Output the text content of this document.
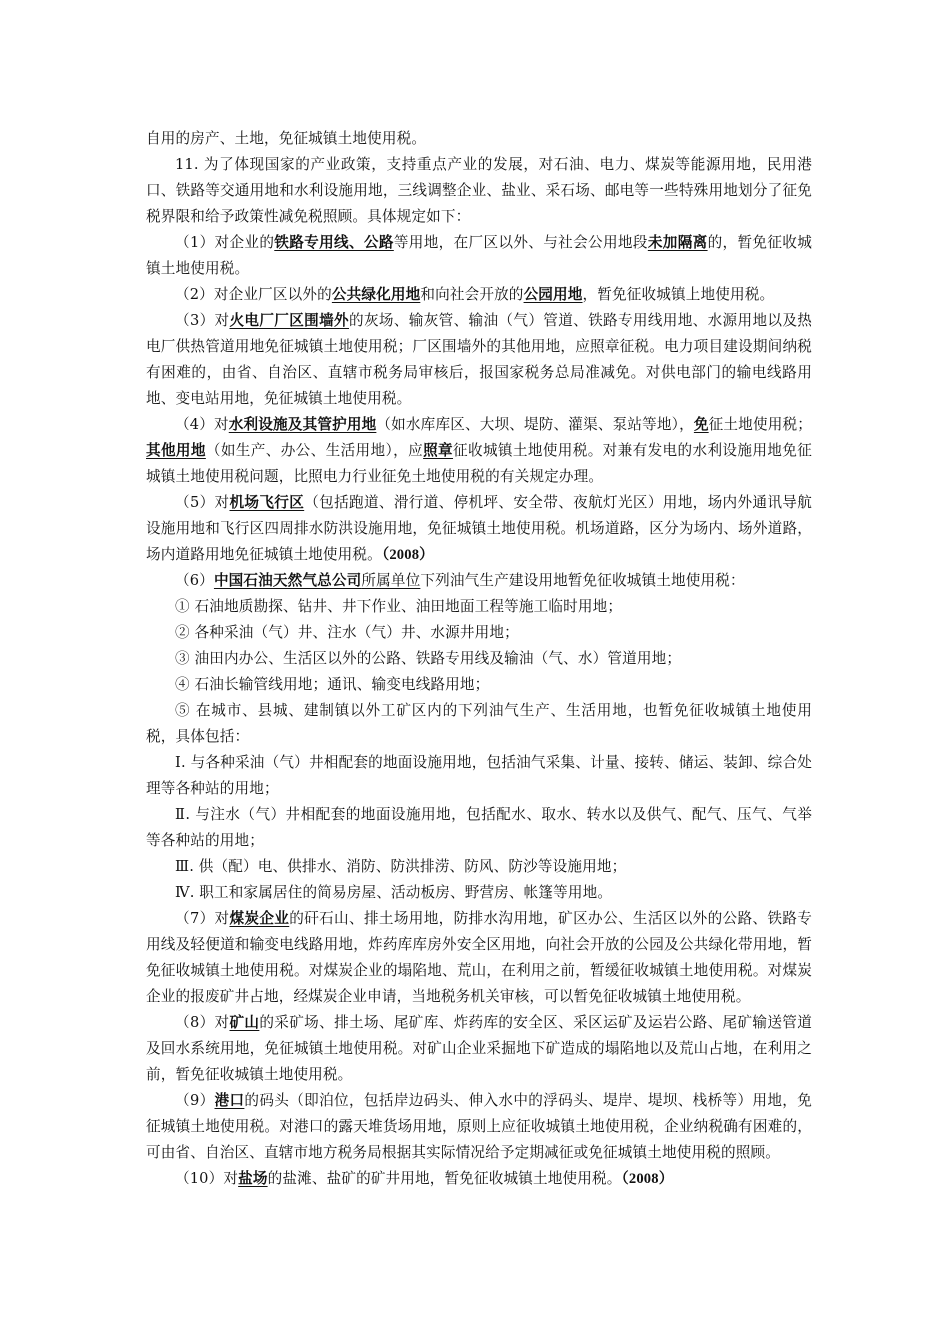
自用的房产、土地，免征城镇土地使用税。

11. 为了体现国家的产业政策，支持重点产业的发展，对石油、电力、煤炭等能源用地，民用港口、铁路等交通用地和水利设施用地，三线调整企业、盐业、采石场、邮电等一些特殊用地划分了征免税界限和给予政策性减免税照顾。具体规定如下：

（1）对企业的铁路专用线、公路等用地，在厂区以外、与社会公用地段未加隔离的，暂免征收城镇土地使用税。

（2）对企业厂区以外的公共绿化用地和向社会开放的公园用地，暂免征收城镇上地使用税。

（3）对火电厂厂区围墙外的灰场、输灰管、输油（气）管道、铁路专用线用地、水源用地以及热电厂供热管道用地免征城镇土地使用税；厂区围墙外的其他用地，应照章征税。电力项目建设期间纳税有困难的，由省、自治区、直辖市税务局审核后，报国家税务总局准减免。对供电部门的输电线路用地、变电站用地，免征城镇土地使用税。

（4）对水利设施及其管护用地（如水库库区、大坝、堤防、灌渠、泵站等地），免征土地使用税；其他用地（如生产、办公、生活用地），应照章征收城镇土地使用税。对兼有发电的水利设施用地免征城镇土地使用税问题，比照电力行业征免土地使用税的有关规定办理。

（5）对机场飞行区（包括跑道、滑行道、停机坪、安全带、夜航灯光区）用地，场内外通讯导航设施用地和飞行区四周排水防洪设施用地，免征城镇土地使用税。机场道路，区分为场内、场外道路，场内道路用地免征城镇土地使用税。（2008）

（6）中国石油天然气总公司所属单位下列油气生产建设用地暂免征收城镇土地使用税：

① 石油地质勘探、钻井、井下作业、油田地面工程等施工临时用地；

② 各种采油（气）井、注水（气）井、水源井用地；

③ 油田内办公、生活区以外的公路、铁路专用线及输油（气、水）管道用地；

④ 石油长输管线用地；通讯、输变电线路用地；

⑤ 在城市、县城、建制镇以外工矿区内的下列油气生产、生活用地，也暂免征收城镇土地使用税，具体包括：

Ⅰ. 与各种采油（气）井相配套的地面设施用地，包括油气采集、计量、接转、储运、装卸、综合处理等各种站的用地；

Ⅱ. 与注水（气）井相配套的地面设施用地，包括配水、取水、转水以及供气、配气、压气、气举等各种站的用地；

Ⅲ. 供（配）电、供排水、消防、防洪排涝、防风、防沙等设施用地；

Ⅳ. 职工和家属居住的简易房屋、活动板房、野营房、帐篷等用地。

（7）对煤炭企业的矸石山、排土场用地，防排水沟用地，矿区办公、生活区以外的公路、铁路专用线及轻便道和输变电线路用地，炸药库库房外安全区用地，向社会开放的公园及公共绿化带用地，暂免征收城镇土地使用税。对煤炭企业的塌陷地、荒山，在利用之前，暂缓征收城镇土地使用税。对煤炭企业的报废矿井占地，经煤炭企业申请，当地税务机关审核，可以暂免征收城镇土地使用税。

（8）对矿山的采矿场、排土场、尾矿库、炸药库的安全区、采区运矿及运岩公路、尾矿输送管道及回水系统用地，免征城镇土地使用税。对矿山企业采掘地下矿造成的塌陷地以及荒山占地，在利用之前，暂免征收城镇土地使用税。

（9）港口的码头（即泊位，包括岸边码头、伸入水中的浮码头、堤岸、堤坝、栈桥等）用地，免征城镇土地使用税。对港口的露天堆货场用地，原则上应征收城镇土地使用税，企业纳税确有困难的，可由省、自治区、直辖市地方税务局根据其实际情况给予定期减征或免征城镇土地使用税的照顾。

（10）对盐场的盐滩、盐矿的矿井用地，暂免征收城镇土地使用税。（2008）
